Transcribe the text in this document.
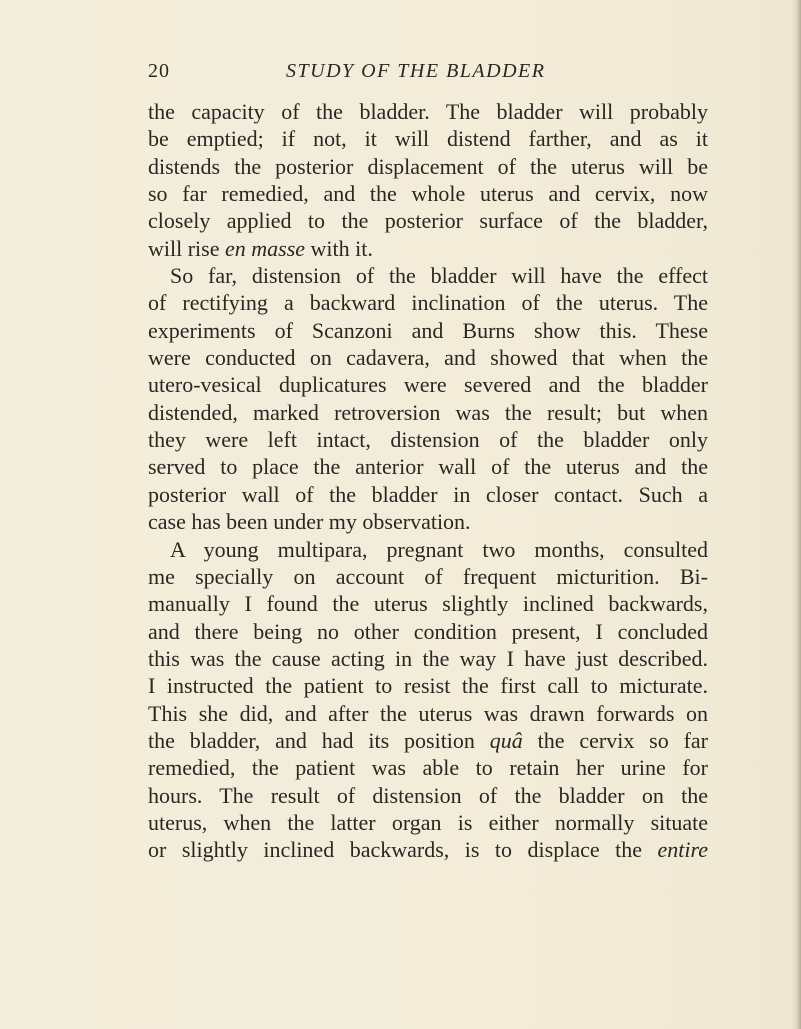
20	STUDY OF THE BLADDER
the capacity of the bladder. The bladder will probably
be emptied; if not, it will distend farther, and as it
distends the posterior displacement of the uterus will be
so far remedied, and the whole uterus and cervix, now
closely applied to the posterior surface of the bladder,
will rise en masse with it.
So far, distension of the bladder will have the effect
of rectifying a backward inclination of the uterus. The
experiments of Scanzoni and Burns show this. These
were conducted on cadavera, and showed that when the
utero-vesical duplicatures were severed and the bladder
distended, marked retroversion was the result; but when
they were left intact, distension of the bladder only
served to place the anterior wall of the uterus and the
posterior wall of the bladder in closer contact. Such a
case has been under my observation.
A young multipara, pregnant two months, consulted
me specially on account of frequent micturition. Bi-
manually I found the uterus slightly inclined backwards,
and there being no other condition present, I concluded
this was the cause acting in the way I have just described.
I instructed the patient to resist the first call to micturate.
This she did, and after the uterus was drawn forwards on
the bladder, and had its position quâ the cervix so far
remedied, the patient was able to retain her urine for
hours. The result of distension of the bladder on the
uterus, when the latter organ is either normally situate
or slightly inclined backwards, is to displace the entire
